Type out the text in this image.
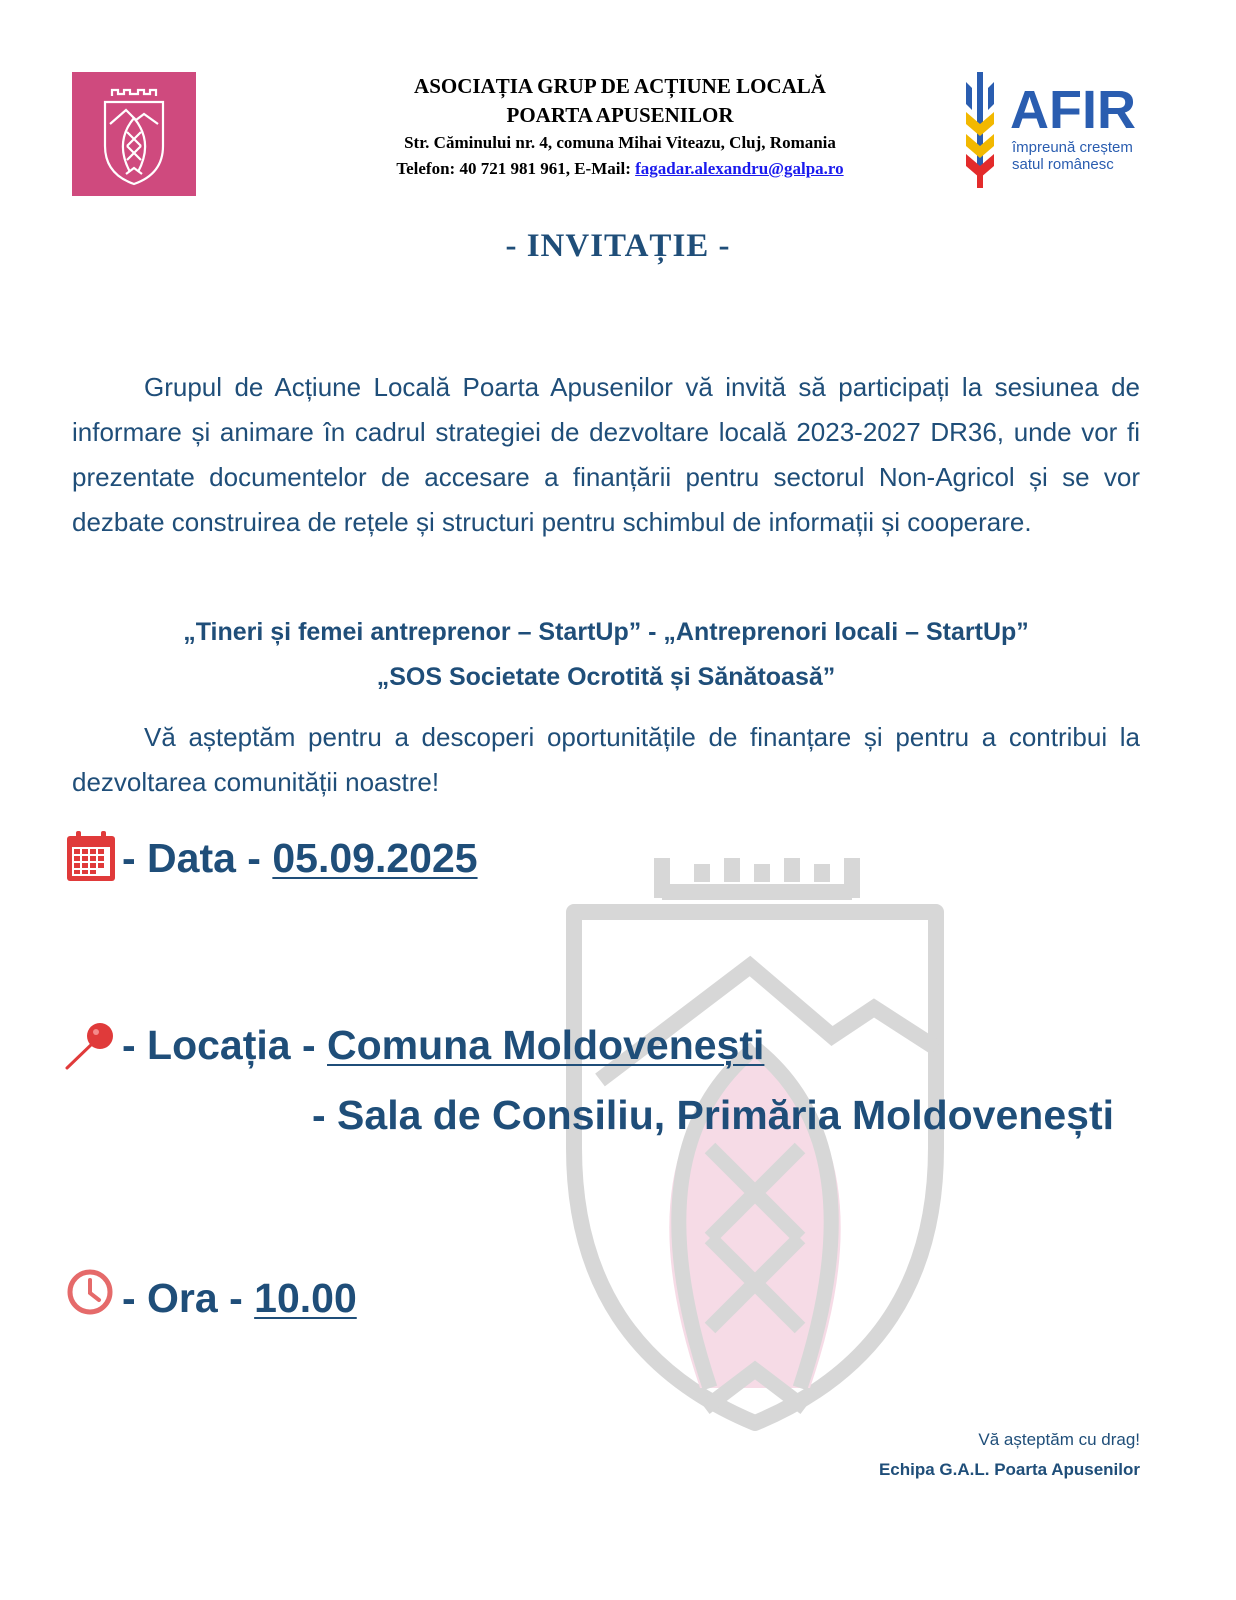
ASOCIAȚIA GRUP DE ACȚIUNE LOCALĂ
POARTA APUSENILOR
Str. Căminului nr. 4, comuna Mihai Viteazu, Cluj, Romania
Telefon: 40 721 981 961, E-Mail: fagadar.alexandru@galpa.ro
AFIR
împreună creștem
satul românesc
- INVITAȚIE -
Grupul de Acțiune Locală Poarta Apusenilor vă invită să participați la sesiunea de informare și animare în cadrul strategiei de dezvoltare locală 2023-2027 DR36, unde vor fi prezentate documentelor de accesare a finanțării pentru sectorul Non-Agricol și se vor dezbate construirea de rețele și structuri pentru schimbul de informații și cooperare.
„Tineri și femei antreprenor – StartUp” - „Antreprenori locali – StartUp”
„SOS Societate Ocrotită și Sănătoasă”
Vă așteptăm pentru a descoperi oportunitățile de finanțare și pentru a contribui la dezvoltarea comunității noastre!
- Data - 05.09.2025
- Locația - Comuna Moldovenești
- Sala de Consiliu, Primăria Moldovenești
- Ora - 10.00
Vă așteptăm cu drag!
Echipa G.A.L. Poarta Apusenilor
